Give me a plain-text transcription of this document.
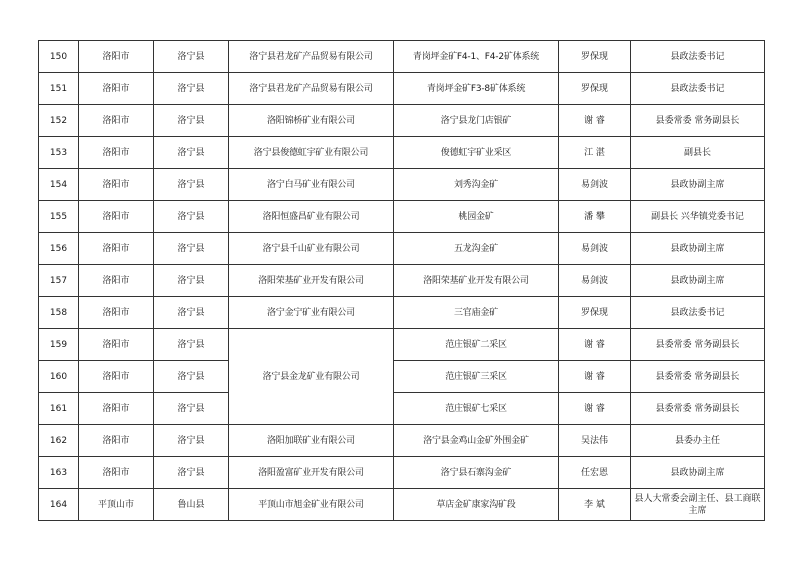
150	洛阳市	洛宁县	洛宁县君龙矿产品贸易有限公司	青岗坪金矿F4-1、F4-2矿体系统	罗保现	县政法委书记
151	洛阳市	洛宁县	洛宁县君龙矿产品贸易有限公司	青岗坪金矿F3-8矿体系统	罗保现	县政法委书记
152	洛阳市	洛宁县	洛阳锦桥矿业有限公司	洛宁县龙门店银矿	谢 睿	县委常委 常务副县长
153	洛阳市	洛宁县	洛宁县俊德虹宇矿业有限公司	俊德虹宇矿业采区	江 湛	副县长
154	洛阳市	洛宁县	洛宁白马矿业有限公司	刘秀沟金矿	易剑波	县政协副主席
155	洛阳市	洛宁县	洛阳恒盛昌矿业有限公司	桃园金矿	潘 攀	副县长 兴华镇党委书记
156	洛阳市	洛宁县	洛宁县千山矿业有限公司	五龙沟金矿	易剑波	县政协副主席
157	洛阳市	洛宁县	洛阳荣基矿业开发有限公司	洛阳荣基矿业开发有限公司	易剑波	县政协副主席
158	洛阳市	洛宁县	洛宁金宁矿业有限公司	三官庙金矿	罗保现	县政法委书记
159	洛阳市	洛宁县	洛宁县金龙矿业有限公司	范庄银矿二采区	谢 睿	县委常委 常务副县长
160	洛阳市	洛宁县		范庄银矿三采区	谢 睿	县委常委 常务副县长
161	洛阳市	洛宁县		范庄银矿七采区	谢 睿	县委常委 常务副县长
162	洛阳市	洛宁县	洛阳加联矿业有限公司	洛宁县金鸡山金矿外围金矿	吴法伟	县委办主任
163	洛阳市	洛宁县	洛阳盈富矿业开发有限公司	洛宁县石寨沟金矿	任宏恩	县政协副主席
164	平顶山市	鲁山县	平顶山市旭金矿业有限公司	草店金矿康家沟矿段	李 斌	县人大常委会副主任、县工商联主席
